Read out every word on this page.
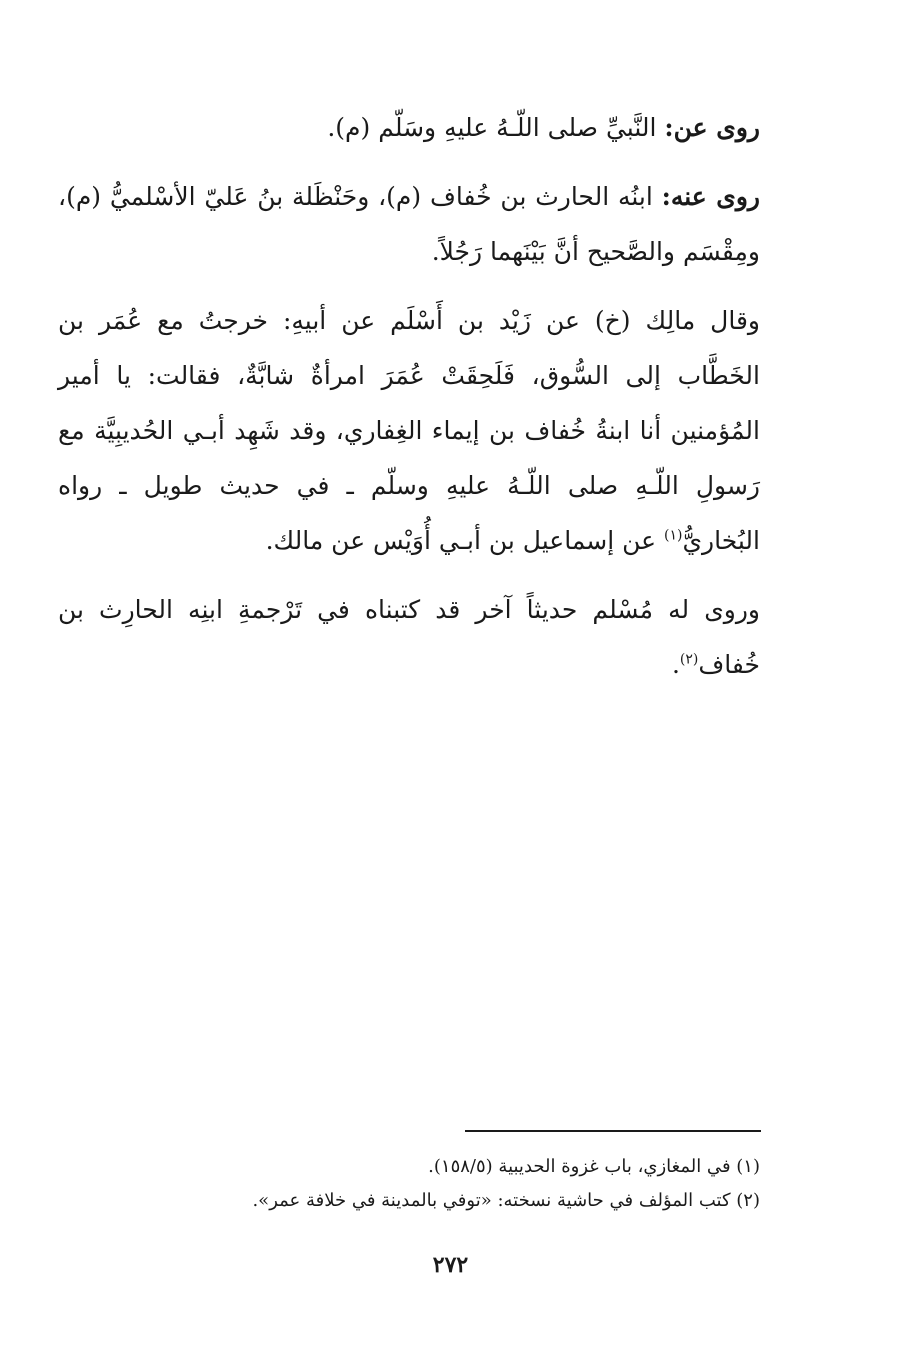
روى عن: النَّبيِّ صلى اللّـهُ عليهِ وسَلّم (م).

روى عنه: ابنُه الحارث بن خُفاف (م)، وحَنْظَلة بنُ عَليّ الأسْلميُّ (م)، ومِقْسَم والصَّحيح أنَّ بَيْنَهما رَجُلاً.

وقال مالِك (خ) عن زَيْد بن أَسْلَم عن أبيهِ: خرجتُ مع عُمَر بن الخَطَّاب إلى السُّوق، فَلَحِقَتْ عُمَرَ امرأةٌ شابَّةٌ، فقالت: يا أمير المُؤمنين أنا ابنةُ خُفاف بن إيماء الغِفاري، وقد شَهِد أبـي الحُديبِيَّة مع رَسولِ اللّـهِ صلى اللّـهُ عليهِ وسلّم ـ في حديث طويل ـ رواه البُخاريُّ$^{(١)}$ عن إسماعيل بن أبـي أُوَيْس عن مالك.

وروى له مُسْلم حديثاً آخر قد كتبناه في تَرْجمةِ ابنِه الحارِث بن خُفاف$^{(٢)}$.

(١) في المغازي، باب غزوة الحديبية (١٥٨/٥).

(٢) كتب المؤلف في حاشية نسخته: «توفي بالمدينة في خلافة عمر».

٢٧٢
